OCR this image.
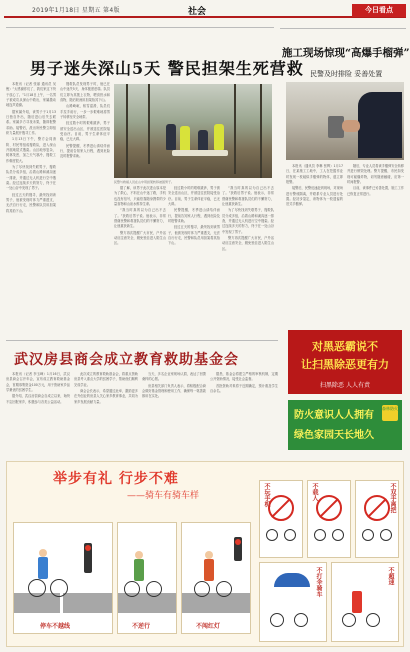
2019年1月18日 星期五 第4版	社会	今日看点
男子迷失深山5天 警民担架生死营救

本报讯（记者 张丽 通讯员 吴俊）“太感谢你们了，我们家这下终于放心了。”1月18日上午，一名男子被成功从深山中救出，家属激动地连声道谢。

据家属介绍，该男子于1月13日独自外出，随后进山后失去联系。家属多方寻找未果，随即报警求助。接警后，派出所民警立即组织力量展开搜寻工作。

1月13日下午，警方会同消防、村民等组成搜救队，进入深山开展地毯式搜索。山区地形复杂，树林茂密，加之天气寒冷，搜救工作难度很大。

为了尽快找到失联男子，搜救队员分成多组，沿着山路和溪沟逐一排查，并通过无人机进行空中搜索。经过连续多天的努力，终于在一处山谷中发现了男子。

经过五天的搜寻，最终找到该男子，他被发现时体力严重透支，无法自行行走，民警和队员用担架将其抬下山。

搜救队员发现男子时，他已在山中迷失5天，身体极度虚弱。队员们立即为其披上衣物，喂食热水和食物，随后轮流用担架抬其下山。

山路崎岖，积雪湿滑，队员们手拉手前行，一步一步艰难地将男子转移至安全地带。

经过数小时的艰难跋涉，男子被安全送出山区，并被送往医院接受治疗。目前，男子生命体征平稳，已无大碍。

民警提醒，冬季进山请结伴而行，提前告知家人行程，遇到危险及时报警求助。

民警与救援人员在山中用担架转移被困男子。

据了解，该男子此次进山原本是为了散心，不料在山中迷了路，手机也没有信号，只能依靠随身携带的少量食物和山泉水维持生命。

“我当时真的以为自己出不去了。”获救后男子说。他表示，非常感谢民警和救援队员们的不懈努力，让他重获新生。

警方再次提醒广大市民，户外活动应注意安全，避免独自进入陌生山区。

经过数小时的艰难跋涉，男子被安全送出山区，并被送往医院接受治疗。目前，男子生命体征平稳，已无大碍。

民警提醒，冬季进山请结伴而行，提前告知家人行程，遇到危险及时报警求助。

经过五天的搜寻，最终找到该男子，他被发现时体力严重透支，无法自行行走，民警和队员用担架将其抬下山。

“我当时真的以为自己出不去了。”获救后男子说。他表示，非常感谢民警和救援队员们的不懈努力，让他重获新生。

为了尽快找到失联男子，搜救队员分成多组，沿着山路和溪沟逐一排查，并通过无人机进行空中搜索。经过连续多天的努力，终于在一处山谷中发现了男子。

警方再次提醒广大市民，户外活动应注意安全，避免独自进入陌生山区。

施工现场惊现“高爆手榴弹”
民警及时排险 妥善处置

本报讯（通讯员 李琳 张辉）1月17日，在某施工工地中，工人在挖掘作业时发现一枚疑似手榴弹的物体，遂立即报警。

接警后，民警迅速赶到现场，对现场进行警戒隔离，并联系专业人员进行处置。经初步鉴定，该物体为一枚遗留的旧式手榴弹。

随后，专业人员将该手榴弹安全转移并进行销毁处理。警方提醒，市民如发现可疑爆炸物，切勿随意触碰，应第一时间报警。

目前，该事件已妥善处置，施工工作已恢复正常进行。

武汉房县商会成立教育救助基金会

本报讯（记者 李玉峰）1月16日，武汉房县商会召开年会，宣布成立教育救助基金会，首期募集资金100万元，用于资助家乡品学兼优的贫困学生。

据介绍，武汉房县商会自成立以来，始终不忘回报家乡，积极参与各类公益活动。

此次成立的教育救助基金会，将重点资助房县考入重点大学的贫困学子，帮助他们顺利完成学业。

商会会长表示，希望通过此举，激励更多在外创业的房县人关心家乡教育事业，共同为家乡发展贡献力量。

当天，多名企业家现场认捐，表达了回馈桑梓的心愿。

房县相关部门负责人表示，将积极配合商会做好基金管理和使用工作，确保每一笔善款都用在实处。

据悉，基金会将建立严格的审核机制，定期公开资助情况，接受社会监督。

首批资助对象将于近期确定，预计惠及学生百余名。

对黑恶霸说不
让扫黑除恶更有力
扫黑除恶 人人有责
防火意识人人拥有
绿色家园天长地久
森林防火
举步有礼 行步不难
——骑车有骑车样
停车不越线	不逆行	不闯红灯
不玩手机	不载人	不双手离把
不打伞骑车	不超速
